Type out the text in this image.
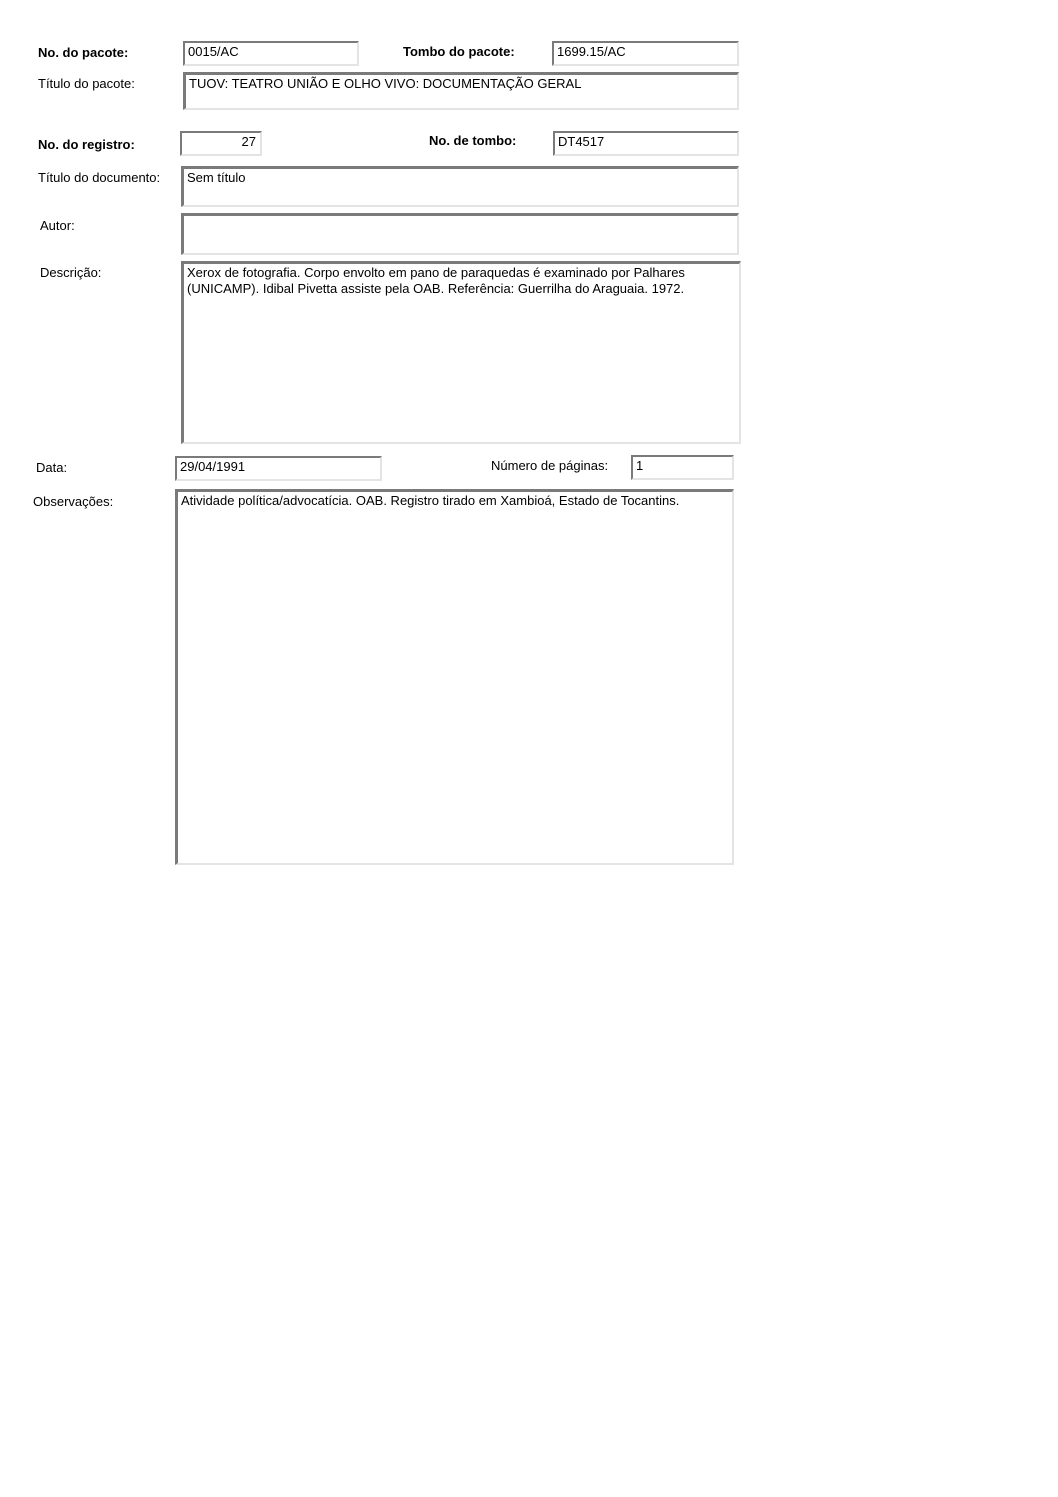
No. do pacote:	0015/AC	Tombo do pacote:	1699.15/AC
Título do pacote:	TUOV: TEATRO UNIÃO E OLHO VIVO: DOCUMENTAÇÃO GERAL
No. do registro:	27	No. de tombo:	DT4517
Título do documento:	Sem título
Autor:
Descrição:	Xerox de fotografia. Corpo envolto em pano de paraquedas é examinado por Palhares (UNICAMP). Idibal Pivetta assiste pela OAB. Referência: Guerrilha do Araguaia. 1972.
Data:	29/04/1991	Número de páginas:	1
Observações:	Atividade política/advocatícia. OAB. Registro tirado em Xambioá, Estado de Tocantins.
